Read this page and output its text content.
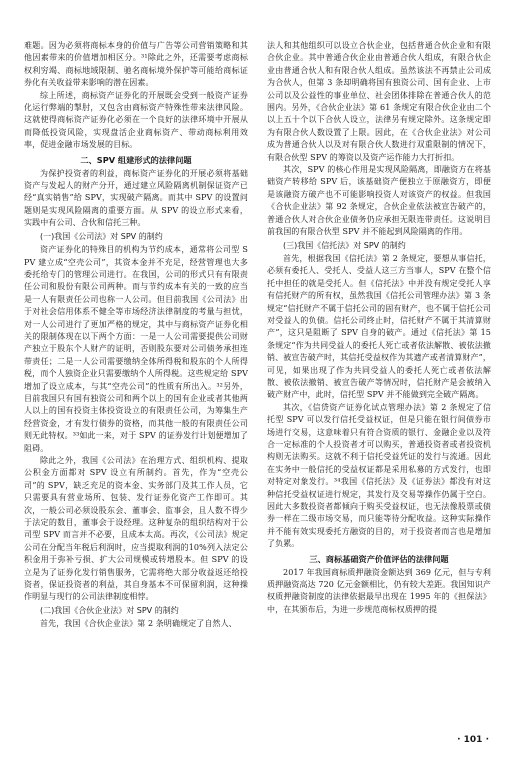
难题。因为必须将商标本身的价值与广告等公司营销策略和其他因素带来的价值增加相区分。³¹除此之外，还需要考虑商标权利穷竭、商标地域限制、驰名商标境外保护等可能给商标证券化有关收益带来影响的潜在因素。

综上所述，商标资产证券化的开展既会受到一般资产证券化运行弊端的掣肘，又包含由商标资产特殊性带来法律风险。这就使得商标资产证券化必须在一个良好的法律环境中开展从而降低投资风险，实现盘活企业商标资产、带动商标利用效率，促进金融市场发展的目标。

二、SPV 组建形式的法律问题

为保护投资者的利益，商标资产证券化的开展必须将基础资产与发起人的财产分开，通过建立风险隔离机制保证资产已经“真实销售”给 SPV，实现破产隔离。而其中 SPV 的设置问题则是实现风险隔离的重要方面。从 SPV 的设立形式来看，实践中有公司、合伙和信托三种。

(一)我国《公司法》对 SPV 的制约

资产证券化的特殊目的机构为节约成本，通常将公司型 SPV 建立成“空壳公司”，其资本金并不充足，经营管理也大多委托给专门的管理公司进行。在我国，公司的形式只有有限责任公司和股份有限公司两种。而与节约成本有关的一致的应当是一人有限责任公司也称一人公司。但目前我国《公司法》出于对社会信用体系不健全等市场经济法律制度的考量与担忧，对一人公司进行了更加严格的规定，其中与商标资产证券化相关的限制体现在以下两个方面：一是一人公司需要提供公司财产独立于股东个人财产的证明，否则股东要对公司债务承担连带责任；二是一人公司需要缴纳全体所得税和股东的个人所得税，而个人独资企业只需要缴纳个人所得税。这些规定给 SPV 增加了设立成本，与其“空壳公司”的性质有所出入。³²另外，目前我国只有国有独资公司和两个以上的国有企业或者其他两人以上的国有投资主体投资设立的有限责任公司，为筹集生产经营资金，才有发行债券的资格，而其他一般的有限责任公司则无此特权。³³如此一来，对于 SPV 的证券发行计划便增加了阻碍。

除此之外，我国《公司法》在治理方式、组织机构、提取公积金方面都对 SPV 设立有所制约。首先，作为“空壳公司”的 SPV，缺乏充足的资本金、实务部门及其工作人员，它只需要具有营业场所、包装、发行证券化资产工作即可。其次，一般公司必须设股东会、董事会、监事会，且人数不得少于法定的数目，董事会于设经理。这种复杂的组织结构对于公司型 SPV 而言并不必要，且成本太高。再次，《公司法》规定公司在分配当年税后利润时，应当提取利润的10%列入法定公积金用于弥补亏损、扩大公司规模或转增股本。但 SPV 的设立是为了证券化发行销售服务，它需将绝大部分收益返还给投资者，保证投资者的利益，其自身基本不可保留利润，这种操作明显与现行的公司法律制度相悖。

(二)我国《合伙企业法》对 SPV 的制约

首先，我国《合伙企业法》第 2 条明确规定了自然人、

法人和其他组织可以设立合伙企业，包括普通合伙企业和有限合伙企业。其中普通合伙企业由普通合伙人组成，有限合伙企业由普通合伙人和有限合伙人组成。虽然该法不再禁止公司成为合伙人，但第 3 条却明确将国有独资公司、国有企业、上市公司以及公益性的事业单位、社会团体排除在普通合伙人的范围内。另外，《合伙企业法》第 61 条规定有限合伙企业由二个以上五十个以下合伙人设立，法律另有规定除外。这条规定即为有限合伙人数设置了上限。因此，在《合伙企业法》对公司成为普通合伙人以及对有限合伙人数进行双重限制的情况下，有限合伙型 SPV 的筹资以及资产运作能力大打折扣。

其次，SPV 的核心作用是实现风险隔离，即融资方在将基础资产转移给 SPV 后，该基础资产便独立于原融资方，即便是该融资方破产也不可能影响投资人对该资产的权益。但我国《合伙企业法》第 92 条规定，合伙企业依法被宣告破产的，普通合伙人对合伙企业债务仍应承担无限连带责任。这说明目前我国的有限合伙型 SPV 并不能起到风险隔离的作用。

(三)我国《信托法》对 SPV 的制约

首先，根据我国《信托法》第 2 条规定，要想从事信托，必须有委托人、受托人、受益人这三方当事人，SPV 在整个信托中担任的就是受托人。但《信托法》中并没有规定受托人享有信托财产的所有权，虽然我国《信托公司管理办法》第 3 条规定“信托财产不属于信托公司的固有财产，也不属于信托公司对受益人的负债。信托公司终止时，信托财产不属于其清算财产”，这只是阻断了 SPV 自身的破产。通过《信托法》第 15 条规定“作为共同受益人的委托人死亡或者依法解散、被依法撤销、被宣告破产时，其信托受益权作为其遗产或者清算财产”，可见，如果出现了作为共同受益人的委托人死亡或者依法解散、被依法撤销、被宣告破产等情况时，信托财产是会被纳入破产财产中，此时，信托型 SPV 并不能做到完全破产隔离。

其次，《信贷资产证券化试点管理办法》第 2 条规定了信托型 SPV 可以发行信托受益权证，但是只能在银行间债券市场进行交易，这意味着只有符合资质的银行、金融企业以及符合一定标准的个人投资者才可以购买，普通投资者或者投资机构则无法购买。这就不利于信托受益凭证的发行与流通。因此在实务中一般信托的受益权证都是采用私募的方式发行，也即对特定对象发行。³⁴我国《信托法》及《证券法》都没有对这种信托受益权证进行规定，其发行及交易等操作仍属于空白。因此大多数投资者都倾向于购买受益权证，也无法像股票或债券一样在二级市场交易，而只能等待分配收益。这种实际操作并不能有效实现委托方融资的目的，对于投资者而言也是增加了负累。

三、商标基础资产价值评估的法律问题

2017 年我国商标质押融资金额达到 369 亿元，但与专利质押融资高达 720 亿元金额相比，仍有较大差距。我国知识产权质押融资制度的法律依据最早出现在 1995 年的《担保法》中，在其颁布后，为进一步规范商标权质押的提

· 101 ·
